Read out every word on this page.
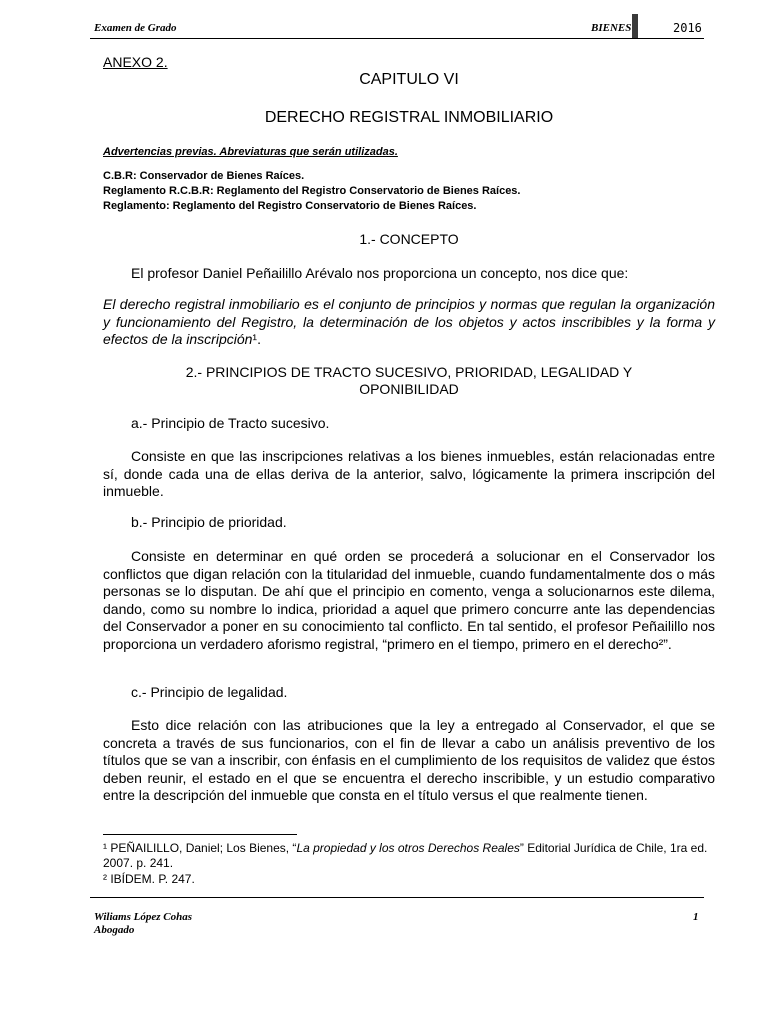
Examen de Grado	BIENES	2016
ANEXO 2.
CAPITULO VI
DERECHO REGISTRAL INMOBILIARIO
Advertencias previas. Abreviaturas que serán utilizadas.
C.B.R: Conservador de Bienes Raíces.
Reglamento R.C.B.R: Reglamento del Registro Conservatorio de Bienes Raíces.
Reglamento: Reglamento del Registro Conservatorio de Bienes Raíces.
1.- CONCEPTO
El profesor Daniel Peñailillo Arévalo nos proporciona un concepto, nos dice que:
El derecho registral inmobiliario es el conjunto de principios y normas que regulan la organización y funcionamiento del Registro, la determinación de los objetos y actos inscribibles y la forma y efectos de la inscripción¹.
2.- PRINCIPIOS DE TRACTO SUCESIVO, PRIORIDAD, LEGALIDAD Y
OPONIBILIDAD
a.- Principio de Tracto sucesivo.
Consiste en que las inscripciones relativas a los bienes inmuebles, están relacionadas entre sí, donde cada una de ellas deriva de la anterior, salvo, lógicamente la primera inscripción del inmueble.
b.- Principio de prioridad.
Consiste en determinar en qué orden se procederá a solucionar en el Conservador los conflictos que digan relación con la titularidad del inmueble, cuando fundamentalmente dos o más personas se lo disputan. De ahí que el principio en comento, venga a solucionarnos este dilema, dando, como su nombre lo indica, prioridad a aquel que primero concurre ante las dependencias del Conservador a poner en su conocimiento tal conflicto. En tal sentido, el profesor Peñailillo nos proporciona un verdadero aforismo registral, “primero en el tiempo, primero en el derecho²”.
c.- Principio de legalidad.
Esto dice relación con las atribuciones que la ley a entregado al Conservador, el que se concreta a través de sus funcionarios, con el fin de llevar a cabo un análisis preventivo de los títulos que se van a inscribir, con énfasis en el cumplimiento de los requisitos de validez que éstos deben reunir, el estado en el que se encuentra el derecho inscribible, y un estudio comparativo entre la descripción del inmueble que consta en el título versus el que realmente tienen.
¹ PEÑAILILLO, Daniel; Los Bienes, “La propiedad y los otros Derechos Reales” Editorial Jurídica de Chile, 1ra ed. 2007. p. 241.
² IBÍDEM. P. 247.
Wiliams López Cohas
Abogado
1
